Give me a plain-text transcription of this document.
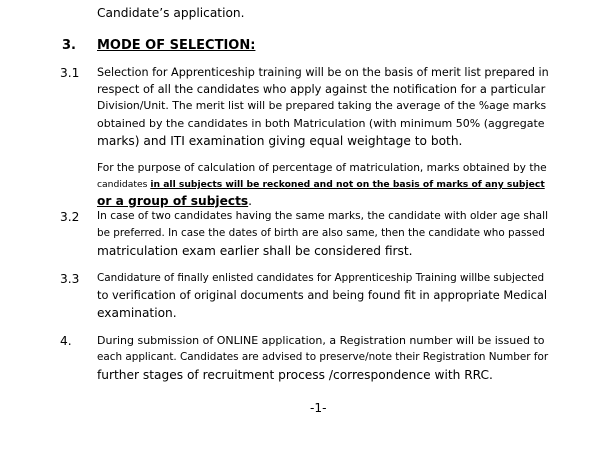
Candidate’s application.
3. MODE OF SELECTION:
3.1 Selection for Apprenticeship training will be on the basis of merit list prepared in
respect of all the candidates who apply against the notification for a particular
Division/Unit. The merit list will be prepared taking the average of the %age marks
obtained by the candidates in both Matriculation (with minimum 50% (aggregate
marks) and ITI examination giving equal weightage to both.
For the purpose of calculation of percentage of matriculation, marks obtained by the
candidates in all subjects will be reckoned and not on the basis of marks of any subject
or a group of subjects.
3.2 In case of two candidates having the same marks, the candidate with older age shall
be preferred. In case the dates of birth are also same, then the candidate who passed
matriculation exam earlier shall be considered first.
3.3 Candidature of finally enlisted candidates for Apprenticeship Training willbe subjected
to verification of original documents and being found fit in appropriate Medical
examination.
4. During submission of ONLINE application, a Registration number will be issued to
each applicant. Candidates are advised to preserve/note their Registration Number for
further stages of recruitment process /correspondence with RRC.
-1-
